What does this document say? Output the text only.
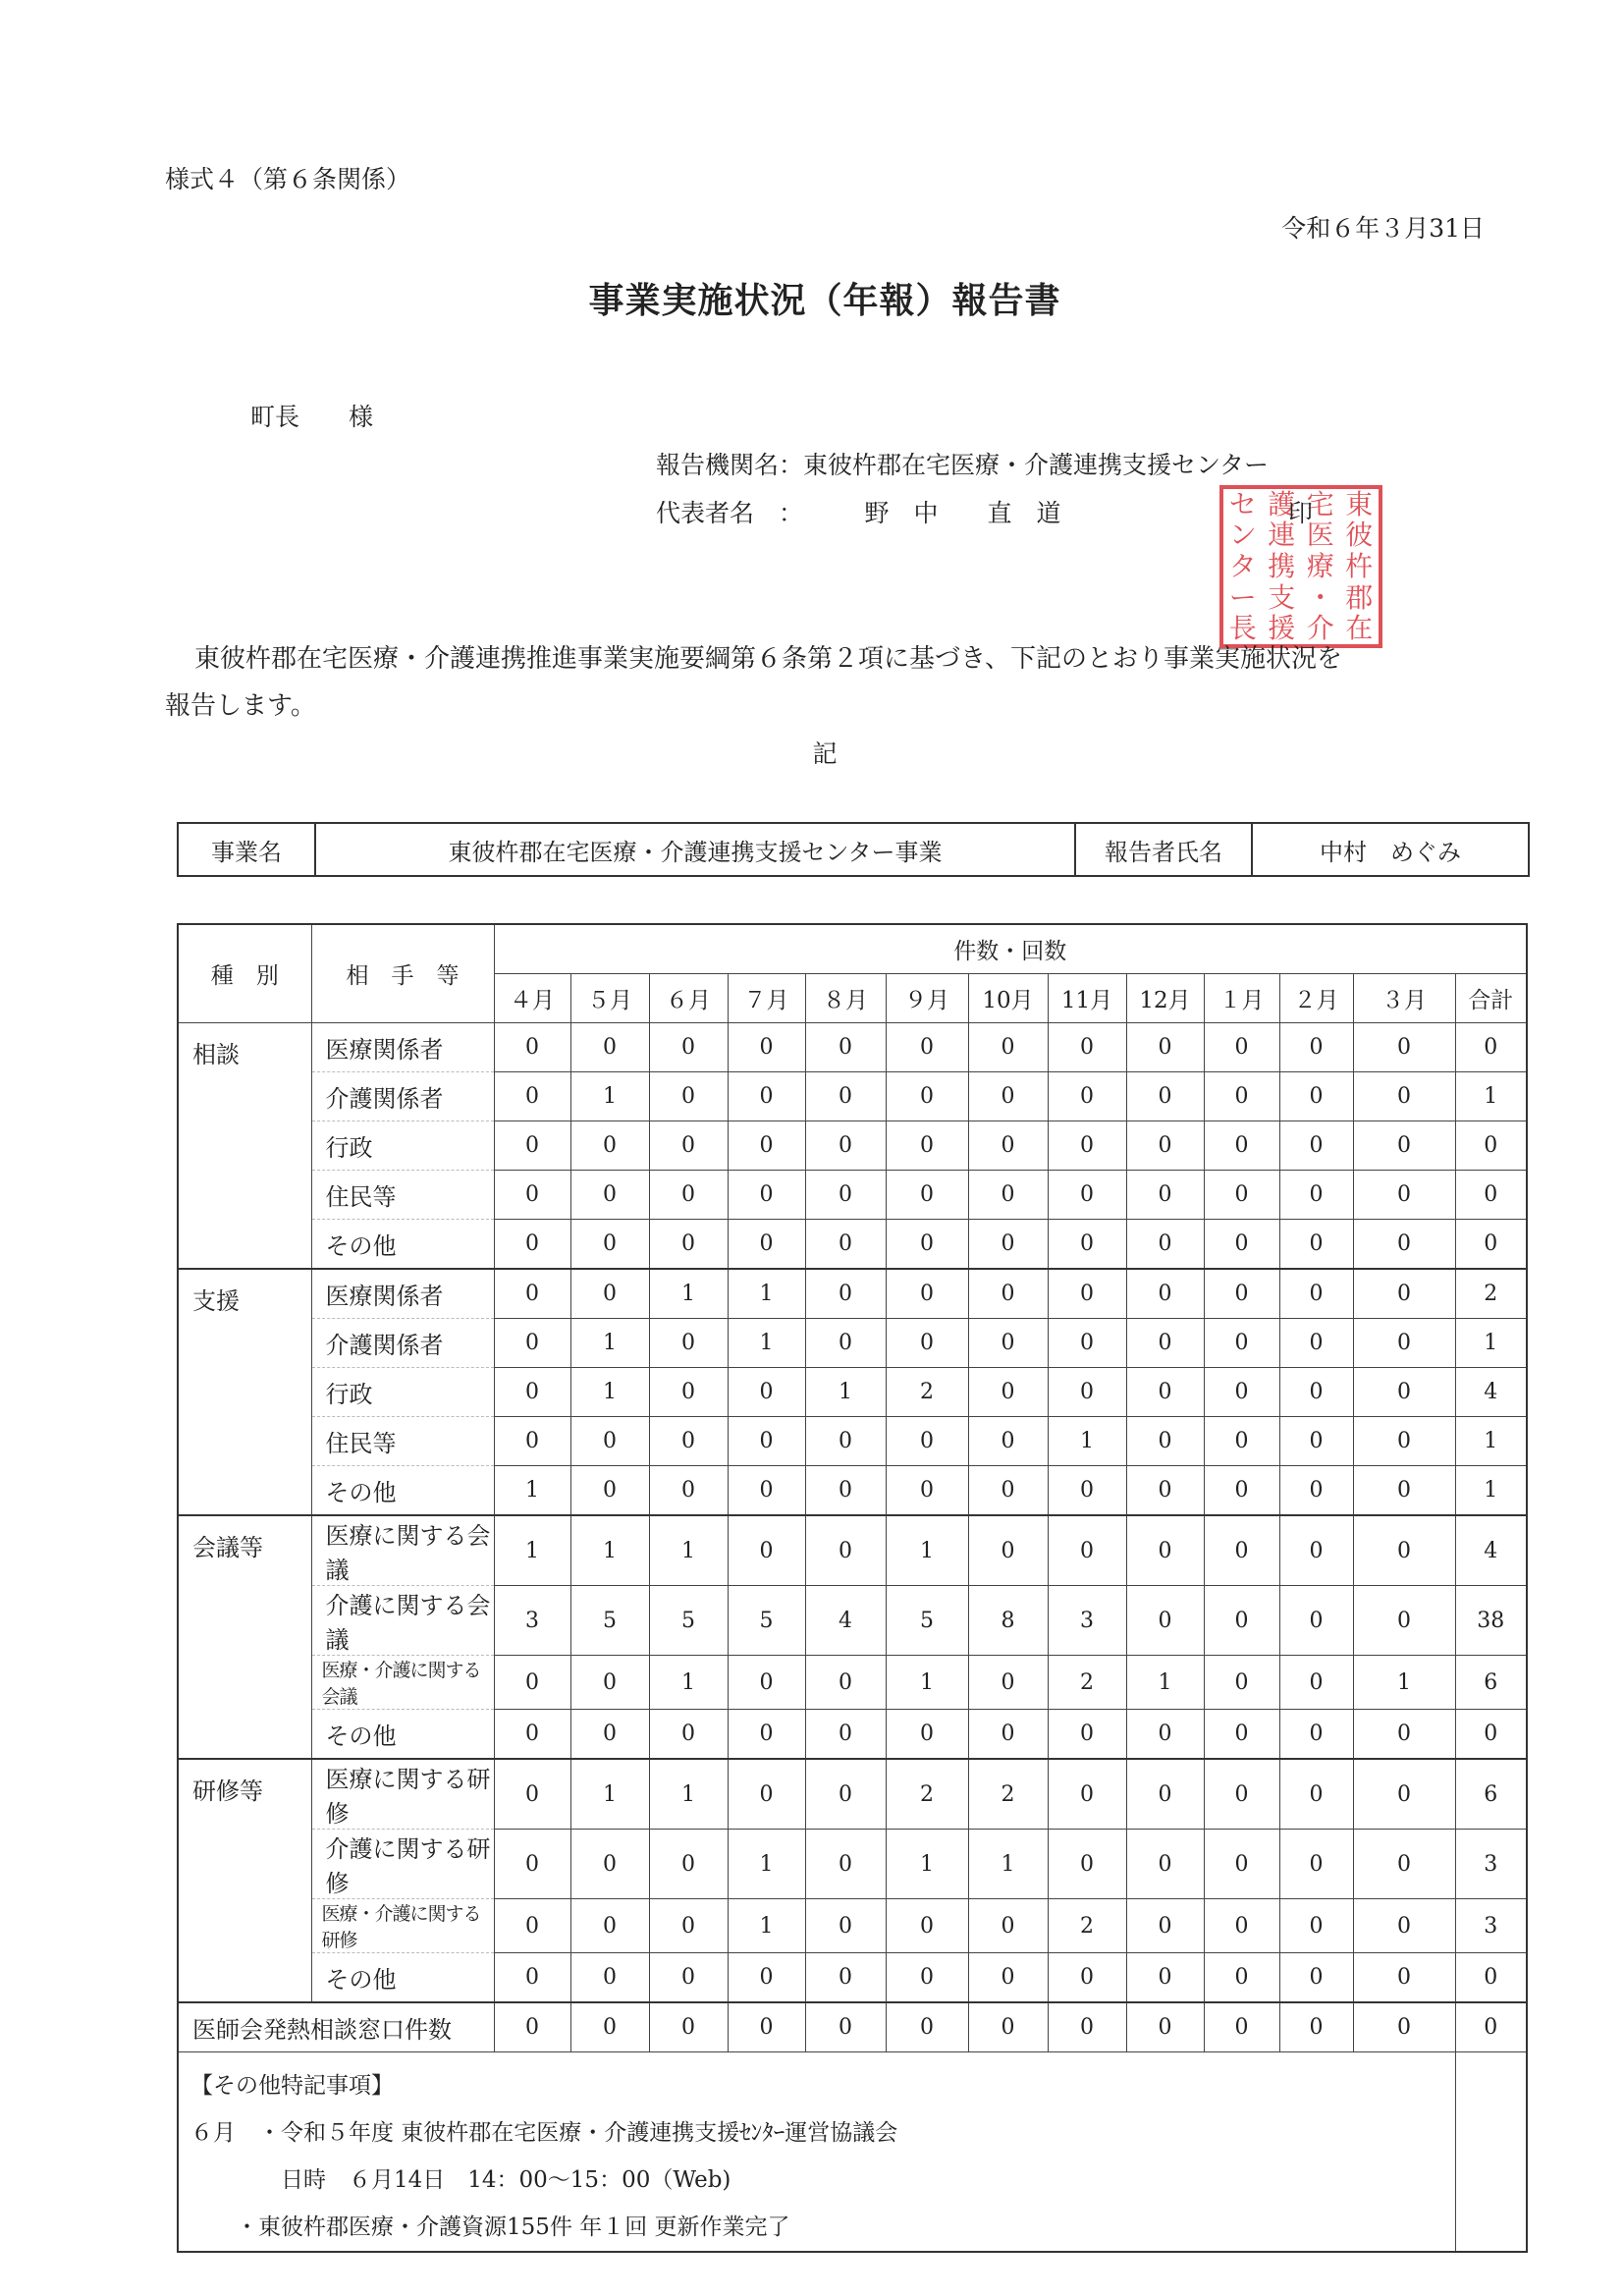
様式４（第６条関係）
令和６年３月31日
事業実施状況（年報）報告書
町長　　様
報告機関名：東彼杵郡在宅医療・介護連携支援センター
代表者名　：　　　野　中　　直　道	東
彼
杵
郡
在
宅
医
療
・
介
護
連
携
支
援
セ
ン
タ
ー
長
印
東彼杵郡在宅医療・介護連携推進事業実施要綱第６条第２項に基づき、下記のとおり事業実施状況を
報告します。
記
事業名	東彼杵郡在宅医療・介護連携支援センター事業	報告者氏名	中村　めぐみ
種　別	相　手　等	件数・回数												
		４月	５月	６月	７月	８月	９月	10月	11月	12月	１月	２月	３月	合計
相談	医療関係者	0	0	0	0	0	0	0	0	0	0	0	0	0
	介護関係者	0	1	0	0	0	0	0	0	0	0	0	0	1
	行政	0	0	0	0	0	0	0	0	0	0	0	0	0
	住民等	0	0	0	0	0	0	0	0	0	0	0	0	0
	その他	0	0	0	0	0	0	0	0	0	0	0	0	0
支援	医療関係者	0	0	1	1	0	0	0	0	0	0	0	0	2
	介護関係者	0	1	0	1	0	0	0	0	0	0	0	0	1
	行政	0	1	0	0	1	2	0	0	0	0	0	0	4
	住民等	0	0	0	0	0	0	0	1	0	0	0	0	1
	その他	1	0	0	0	0	0	0	0	0	0	0	0	1
会議等	医療に関する会議	1	1	1	0	0	1	0	0	0	0	0	0	4
	介護に関する会議	3	5	5	5	4	5	8	3	0	0	0	0	38
	医療・介護に関する会議	0	0	1	0	0	1	0	2	1	0	0	1	6
	その他	0	0	0	0	0	0	0	0	0	0	0	0	0
研修等	医療に関する研修	0	1	1	0	0	2	2	0	0	0	0	0	6
	介護に関する研修	0	0	0	1	0	1	1	0	0	0	0	0	3
	医療・介護に関する研修	0	0	0	1	0	0	0	2	0	0	0	0	3
	その他	0	0	0	0	0	0	0	0	0	0	0	0	0
医師会発熱相談窓口件数		0	0	0	0	0	0	0	0	0	0	0	0	0

【その他特記事項】
６月　・令和５年度 東彼杵郡在宅医療・介護連携支援ｾﾝﾀｰ運営協議会
　　　　日時　６月14日　14：00～15：00（Web)
　　・東彼杵郡医療・介護資源155件 年１回 更新作業完了														
